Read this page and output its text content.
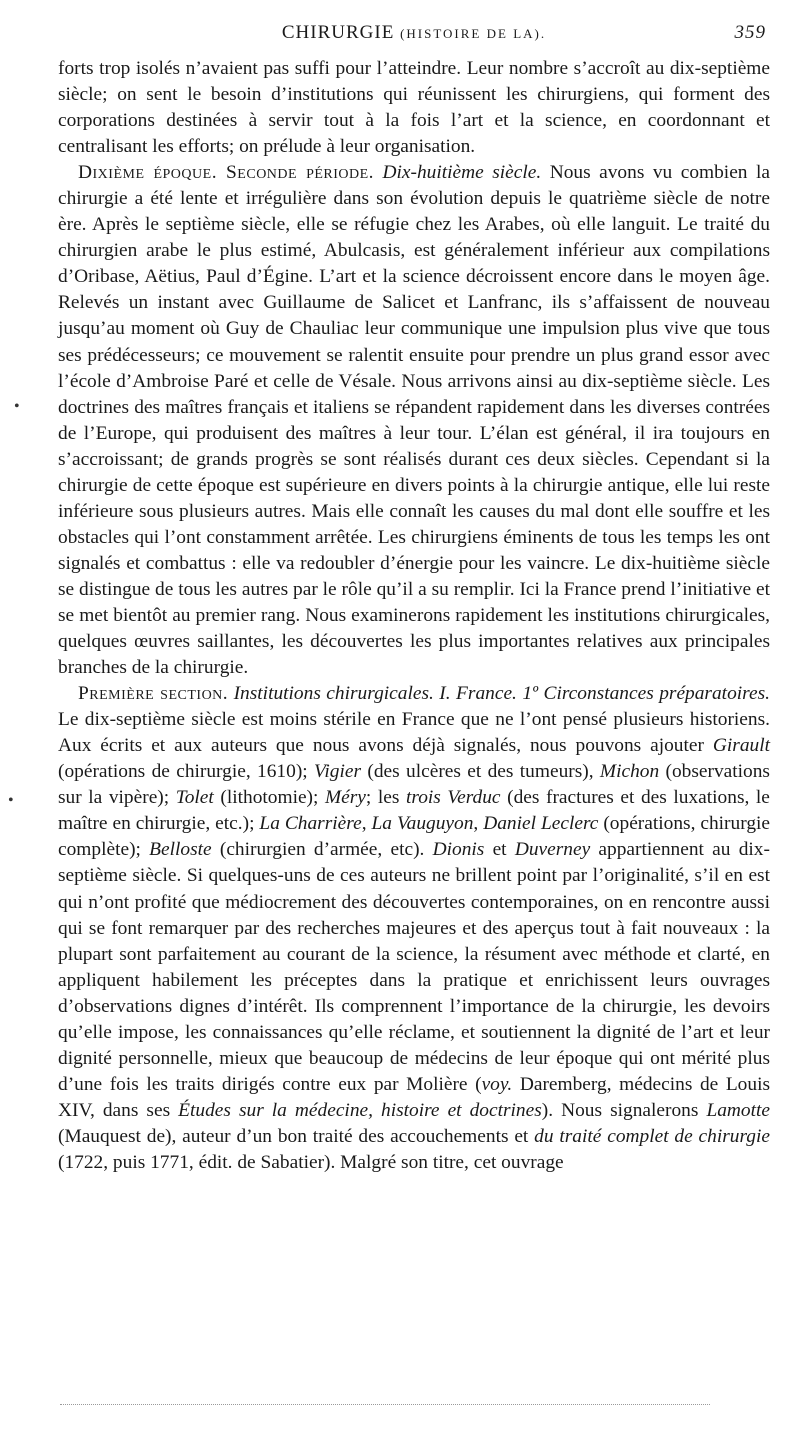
CHIRURGIE (HISTOIRE DE LA).	359

forts trop isolés n’avaient pas suffi pour l’atteindre. Leur nombre s’accroît au dix-septième siècle; on sent le besoin d’institutions qui réunissent les chirurgiens, qui forment des corporations destinées à servir tout à la fois l’art et la science, en coordonnant et centralisant les efforts; on prélude à leur organisation.

Dixième époque. Seconde période. Dix-huitième siècle. Nous avons vu combien la chirurgie a été lente et irrégulière dans son évolution depuis le quatrième siècle de notre ère. Après le septième siècle, elle se réfugie chez les Arabes, où elle languit. Le traité du chirurgien arabe le plus estimé, Abulcasis, est généralement inférieur aux compilations d’Oribase, Aëtius, Paul d’Égine. L’art et la science décroissent encore dans le moyen âge. Relevés un instant avec Guillaume de Salicet et Lanfranc, ils s’affaissent de nouveau jusqu’au moment où Guy de Chauliac leur communique une impulsion plus vive que tous ses prédécesseurs; ce mouvement se ralentit ensuite pour prendre un plus grand essor avec l’école d’Ambroise Paré et celle de Vésale. Nous arrivons ainsi au dix-septième siècle. Les doctrines des maîtres français et italiens se répandent rapidement dans les diverses contrées de l’Europe, qui produisent des maîtres à leur tour. L’élan est général, il ira toujours en s’accroissant; de grands progrès se sont réalisés durant ces deux siècles. Cependant si la chirurgie de cette époque est supérieure en divers points à la chirurgie antique, elle lui reste inférieure sous plusieurs autres. Mais elle connaît les causes du mal dont elle souffre et les obstacles qui l’ont constamment arrêtée. Les chirurgiens éminents de tous les temps les ont signalés et combattus : elle va redoubler d’énergie pour les vaincre. Le dix-huitième siècle se distingue de tous les autres par le rôle qu’il a su remplir. Ici la France prend l’initiative et se met bientôt au premier rang. Nous examinerons rapidement les institutions chirurgicales, quelques œuvres saillantes, les découvertes les plus importantes relatives aux principales branches de la chirurgie.

Première section. Institutions chirurgicales. I. France. 1º Circonstances préparatoires. Le dix-septième siècle est moins stérile en France que ne l’ont pensé plusieurs historiens. Aux écrits et aux auteurs que nous avons déjà signalés, nous pouvons ajouter Girault (opérations de chirurgie, 1610); Vigier (des ulcères et des tumeurs), Michon (observations sur la vipère); Tolet (lithotomie); Méry; les trois Verduc (des fractures et des luxations, le maître en chirurgie, etc.); La Charrière, La Vauguyon, Daniel Leclerc (opérations, chirurgie complète); Belloste (chirurgien d’armée, etc). Dionis et Duverney appartiennent au dix-septième siècle. Si quelques-uns de ces auteurs ne brillent point par l’originalité, s’il en est qui n’ont profité que médiocrement des découvertes contemporaines, on en rencontre aussi qui se font remarquer par des recherches majeures et des aperçus tout à fait nouveaux : la plupart sont parfaitement au courant de la science, la résument avec méthode et clarté, en appliquent habilement les préceptes dans la pratique et enrichissent leurs ouvrages d’observations dignes d’intérêt. Ils comprennent l’importance de la chirurgie, les devoirs qu’elle impose, les connaissances qu’elle réclame, et soutiennent la dignité de l’art et leur dignité personnelle, mieux que beaucoup de médecins de leur époque qui ont mérité plus d’une fois les traits dirigés contre eux par Molière (voy. Daremberg, médecins de Louis XIV, dans ses Études sur la médecine, histoire et doctrines). Nous signalerons Lamotte (Mauquest de), auteur d’un bon traité des accouchements et du traité complet de chirurgie (1722, puis 1771, édit. de Sabatier). Malgré son titre, cet ouvrage

•
•
